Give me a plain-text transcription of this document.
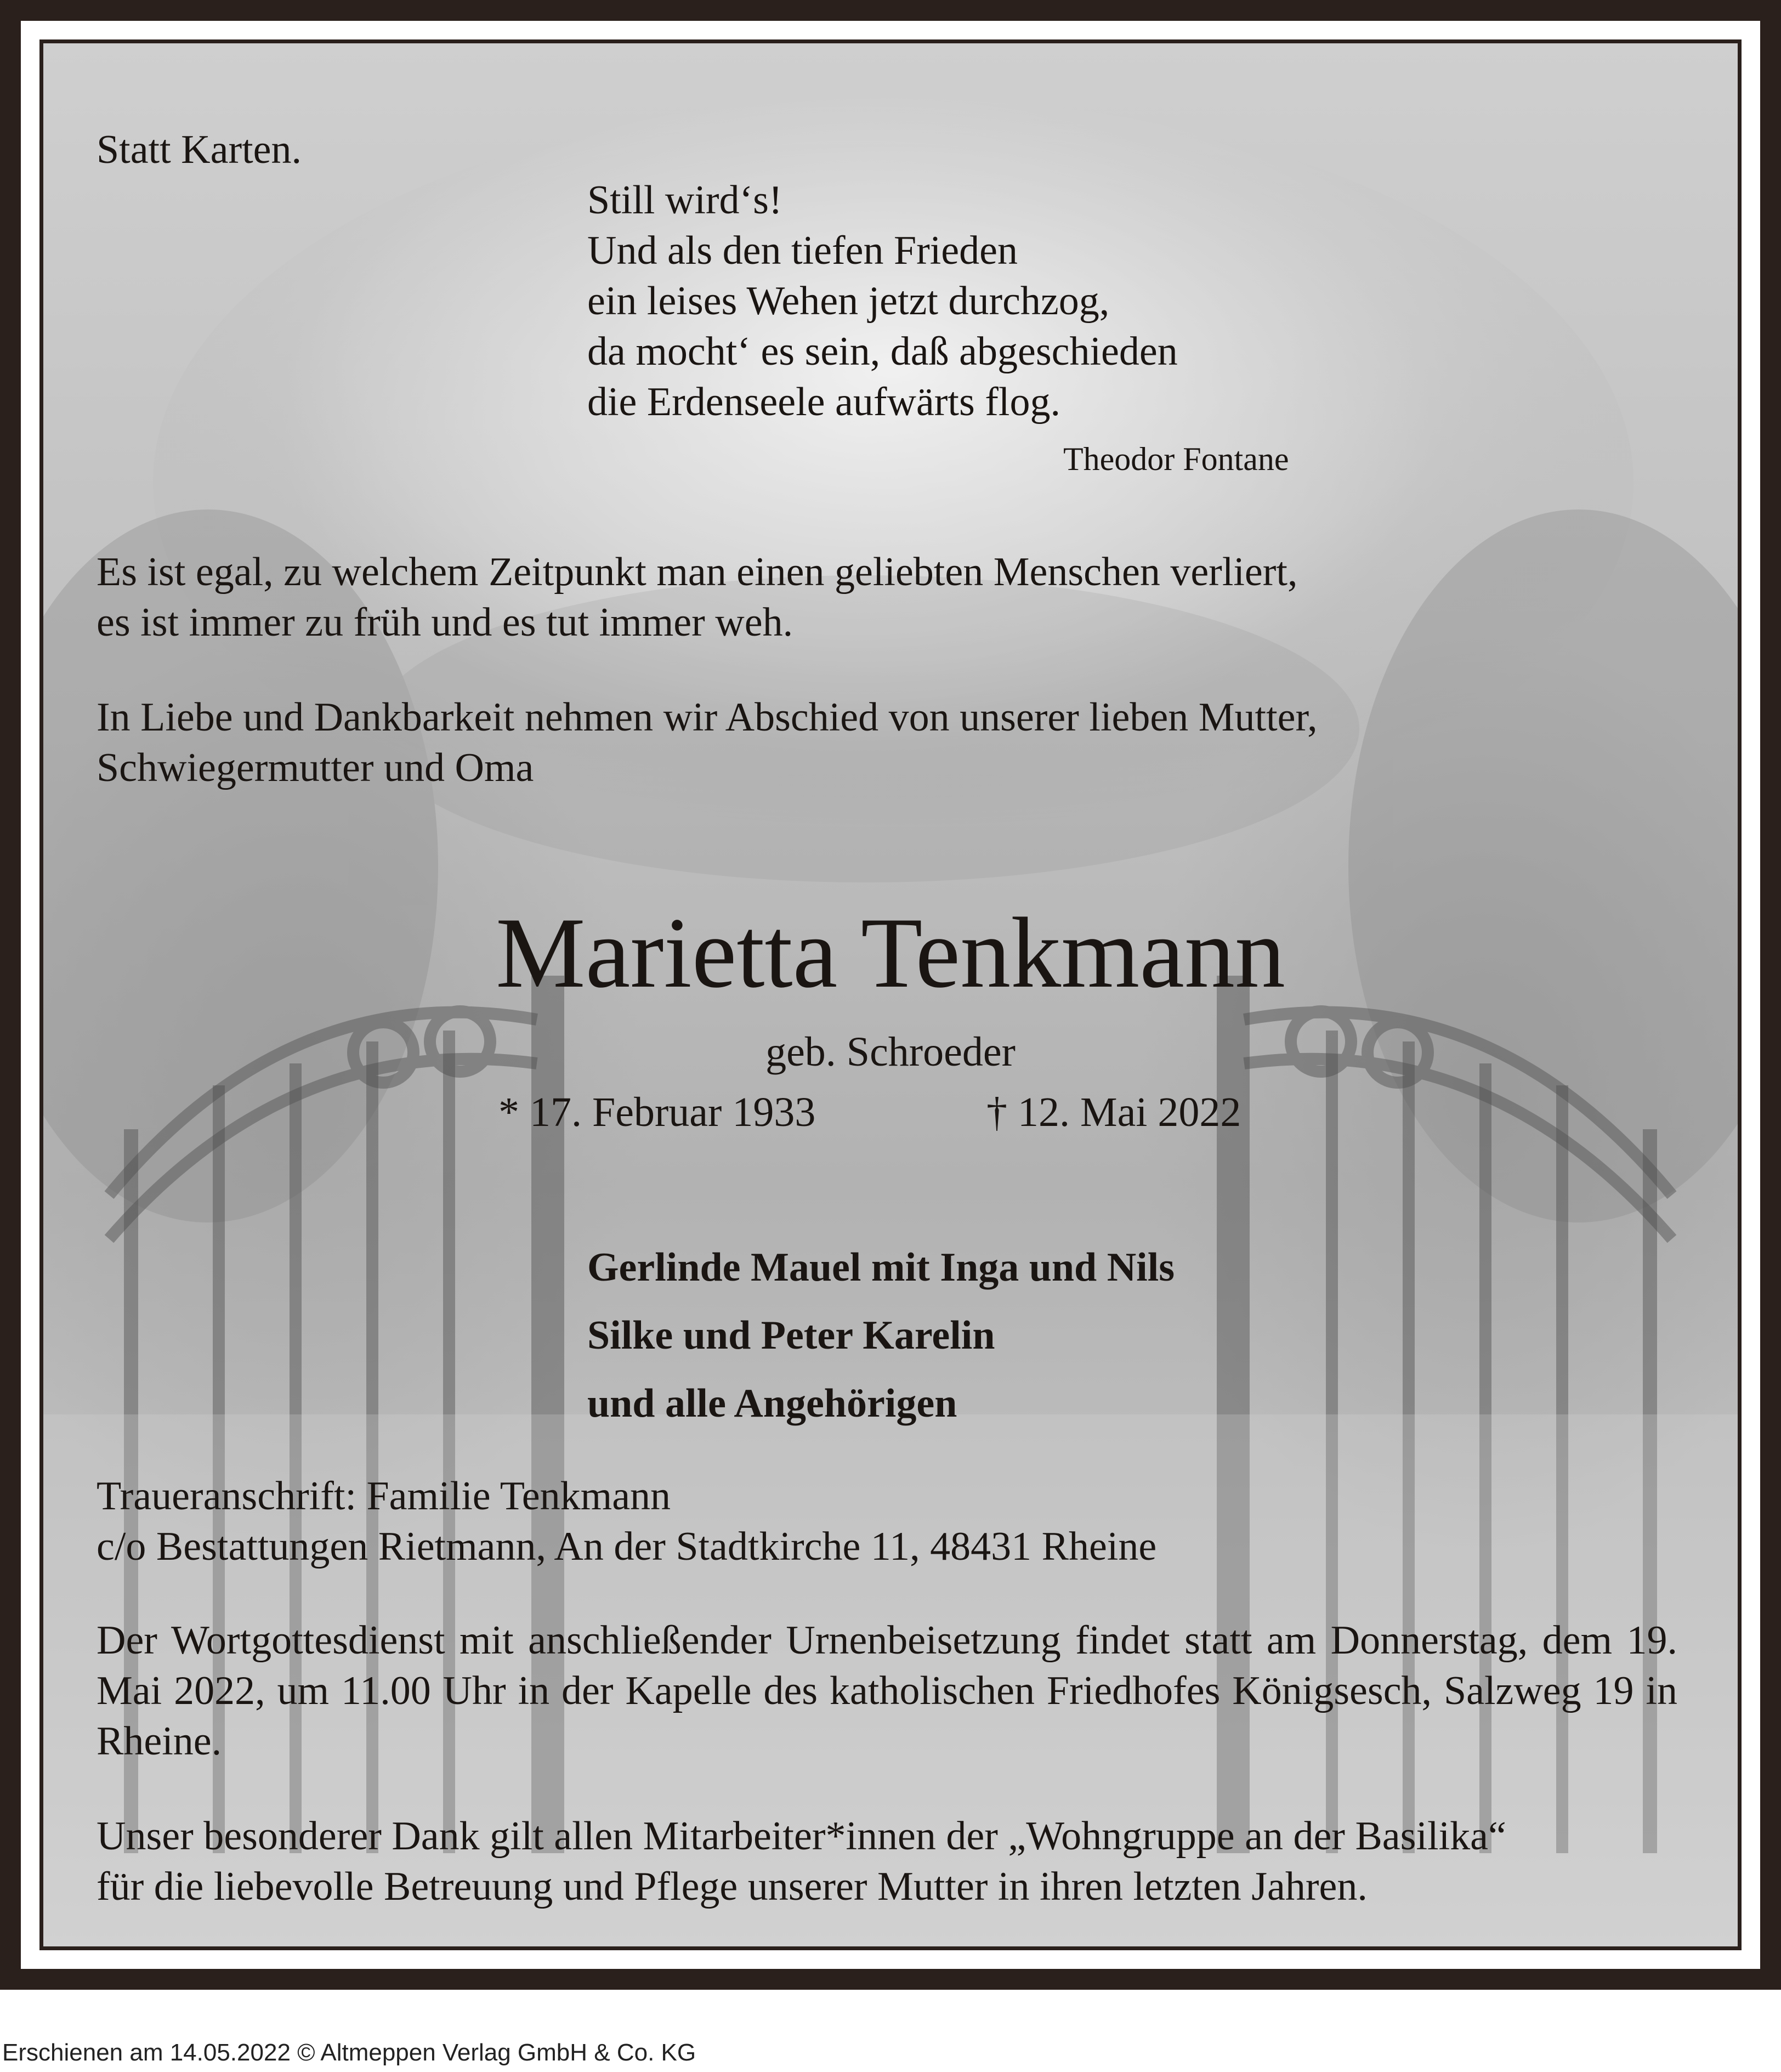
Statt Karten.
Still wird‘s!
Und als den tiefen Frieden
ein leises Wehen jetzt durchzog,
da mocht‘ es sein, daß abgeschieden
die Erdenseele aufwärts flog.
Theodor Fontane
Es ist egal, zu welchem Zeitpunkt man einen geliebten Menschen verliert,
es ist immer zu früh und es tut immer weh.
In Liebe und Dankbarkeit nehmen wir Abschied von unserer lieben Mutter,
Schwiegermutter und Oma
Marietta Tenkmann
geb. Schroeder
* 17. Februar 1933	† 12. Mai 2022
Gerlinde Mauel mit Inga und Nils
Silke und Peter Karelin
und alle Angehörigen
Traueranschrift: Familie Tenkmann
c/o Bestattungen Rietmann, An der Stadtkirche 11, 48431 Rheine
Der Wortgottesdienst mit anschließender Urnenbeisetzung findet statt am Donnerstag, dem 19. Mai 2022, um 11.00 Uhr in der Kapelle des katholischen Friedhofes Königsesch, Salzweg 19 in Rheine.
Unser besonderer Dank gilt allen Mitarbeiter*innen der „Wohngruppe an der Basilika“
für die liebevolle Betreuung und Pflege unserer Mutter in ihren letzten Jahren.
Erschienen am 14.05.2022 © Altmeppen Verlag GmbH & Co. KG
